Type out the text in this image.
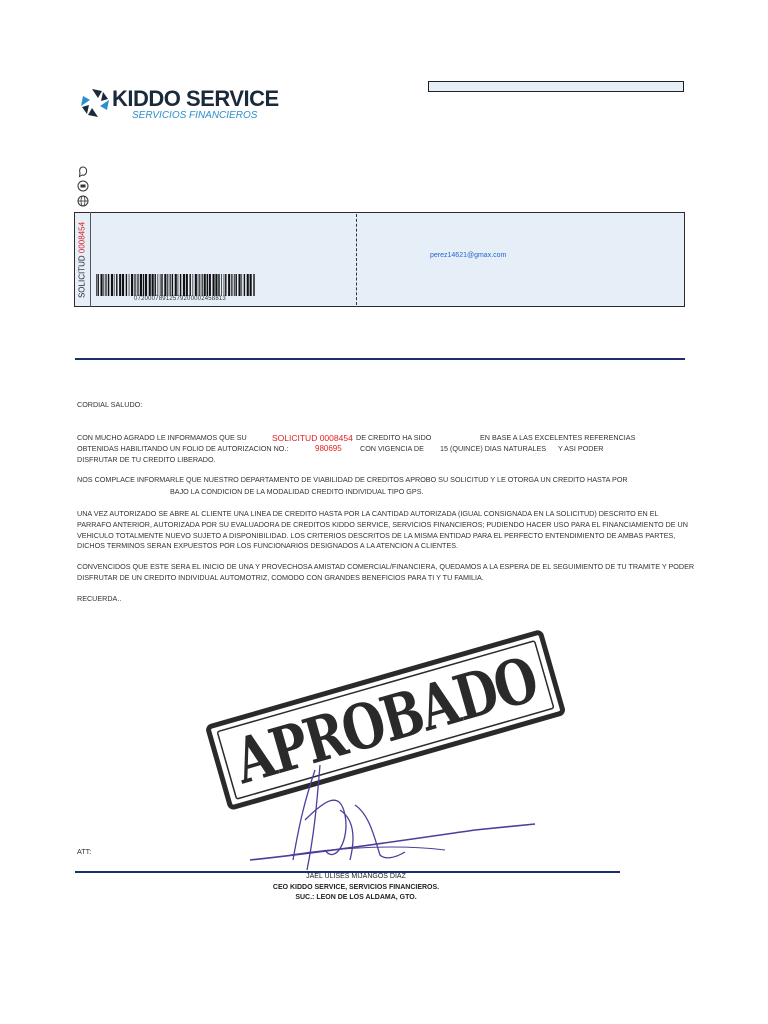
KIDDO SERVICE
SERVICIOS FINANCIEROS
SOLICITUD 0008454
07200078912579200002458813
perez14621@gmax.com
CORDIAL SALUDO:
CON MUCHO AGRADO LE INFORMAMOS QUE SU	SOLICITUD 0008454 DE CREDITO HA SIDO	EN BASE A LAS EXCELENTES REFERENCIAS
OBTENIDAS HABILITANDO UN FOLIO DE AUTORIZACION NO.:	980695	CON VIGENCIA DE 15 (QUINCE) DIAS NATURALES Y ASI PODER
DISFRUTAR DE TU CREDITO LIBERADO.
NOS COMPLACE INFORMARLE QUE NUESTRO DEPARTAMENTO DE VIABILIDAD DE CREDITOS APROBO SU SOLICITUD Y LE OTORGA UN CREDITO HASTA POR
BAJO LA CONDICION DE LA MODALIDAD CREDITO INDIVIDUAL TIPO GPS.
UNA VEZ AUTORIZADO SE ABRE AL CLIENTE UNA LINEA DE CREDITO HASTA POR LA CANTIDAD AUTORIZADA (IGUAL CONSIGNADA EN LA SOLICITUD) DESCRITO EN EL
PARRAFO ANTERIOR, AUTORIZADA POR SU EVALUADORA DE CREDITOS KIDDO SERVICE, SERVICIOS FINANCIEROS; PUDIENDO HACER USO PARA EL FINANCIAMIENTO DE UN
VEHICULO TOTALMENTE NUEVO SUJETO A DISPONIBILIDAD. LOS CRITERIOS DESCRITOS DE LA MISMA ENTIDAD PARA EL PERFECTO ENTENDIMIENTO DE AMBAS PARTES,
DICHOS TERMINOS SERAN EXPUESTOS POR LOS FUNCIONARIOS DESIGNADOS A LA ATENCION A CLIENTES.
CONVENCIDOS QUE ESTE SERA EL INICIO DE UNA Y PROVECHOSA AMISTAD COMERCIAL/FINANCIERA, QUEDAMOS A LA ESPERA DE EL SEGUIMIENTO DE TU TRAMITE Y PODER
DISFRUTAR DE UN CREDITO INDIVIDUAL AUTOMOTRIZ, COMODO CON GRANDES BENEFICIOS PARA TI Y TU FAMILIA.
RECUERDA..
APROBADO
ATT:
JAEL ULISES MIJANGOS DIAZ
CEO KIDDO SERVICE, SERVICIOS FINANCIEROS.
SUC.: LEON DE LOS ALDAMA, GTO.
